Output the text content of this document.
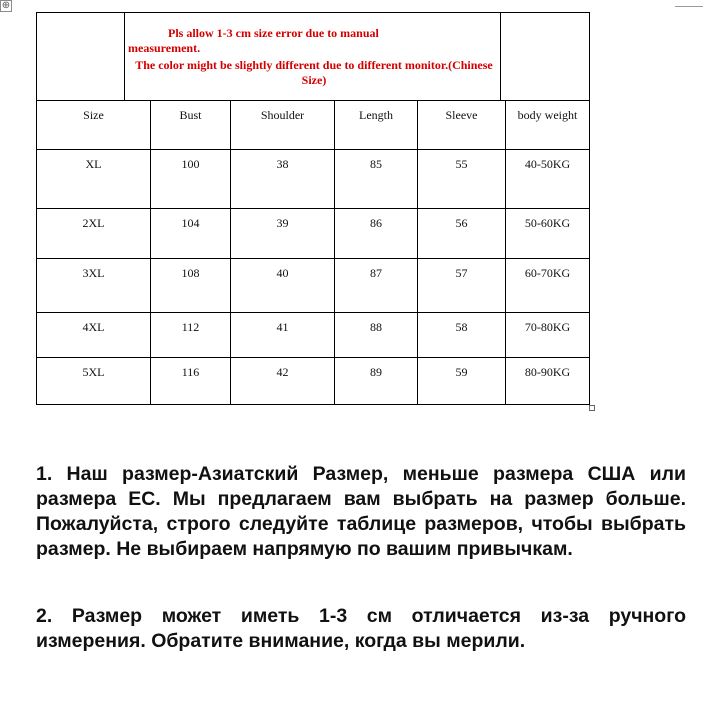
⊕
Pls allow 1-3 cm size error due to manual
measurement.
The color might be slightly different due to different monitor.(Chinese Size)					

Size	Bust	Shoulder	Length	Sleeve	body weight
XL	100	38	85	55	40-50KG
2XL	104	39	86	56	50-60KG
3XL	108	40	87	57	60-70KG
4XL	112	41	88	58	70-80KG
5XL	116	42	89	59	80-90KG
1. Наш размер-Азиатский Размер, меньше размера США или размера ЕС. Мы предлагаем вам выбрать на размер больше. Пожалуйста, строго следуйте таблице размеров, чтобы выбрать размер. Не выбираем напрямую по вашим привычкам.
2. Размер может иметь 1-3 см отличается из-за ручного измерения. Обратите внимание, когда вы мерили.
